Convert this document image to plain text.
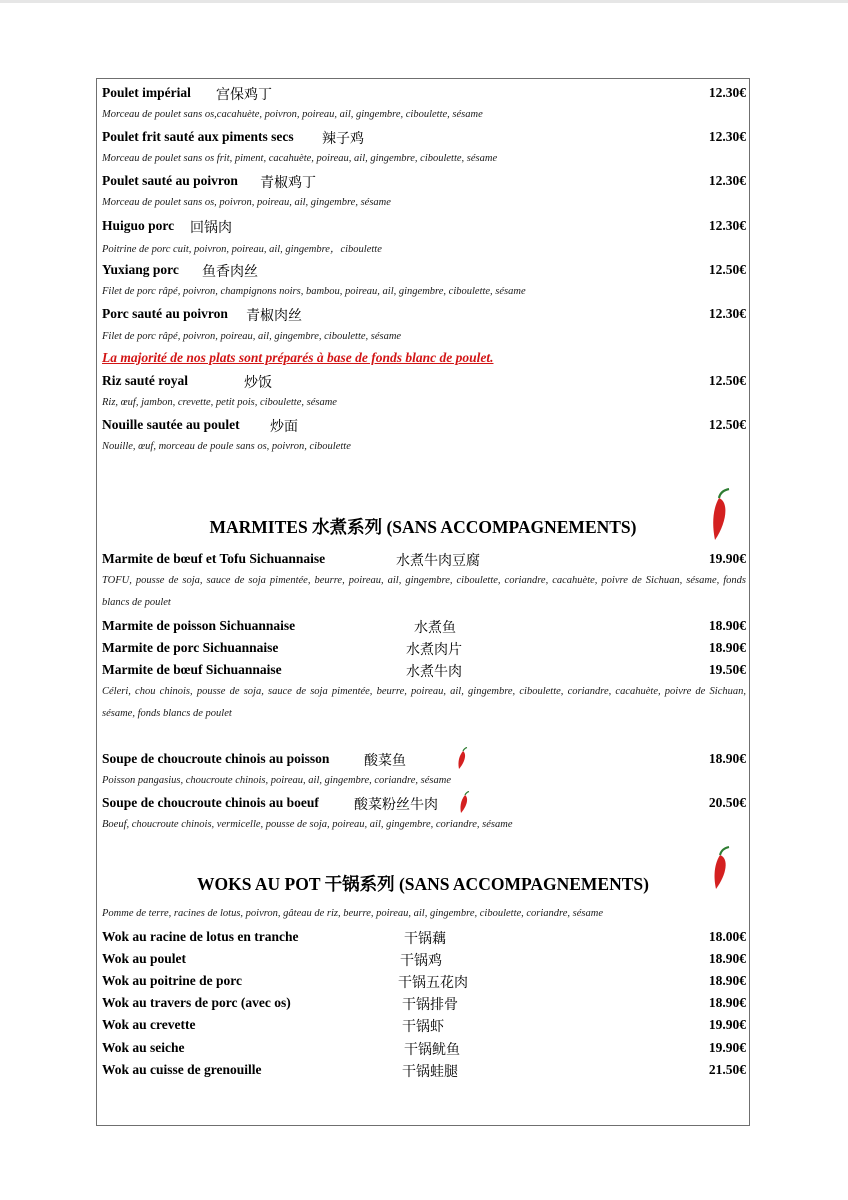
Poulet impérial 宫保鸡丁	12.30€
Morceau de poulet sans os,cacahuète, poivron, poireau, ail, gingembre, ciboulette, sésame
Poulet frit sauté aux piments secs 辣子鸡	12.30€
Morceau de poulet sans os frit, piment, cacahuète, poireau, ail, gingembre, ciboulette, sésame
Poulet sauté au poivron 青椒鸡丁	12.30€
Morceau de poulet sans os, poivron, poireau, ail, gingembre, sésame
Huiguo porc 回锅肉	12.30€
Poitrine de porc cuit, poivron, poireau, ail, gingembre，ciboulette
Yuxiang porc 鱼香肉丝	12.50€
Filet de porc râpé, poivron, champignons noirs, bambou, poireau, ail, gingembre, ciboulette, sésame
Porc sauté au poivron 青椒肉丝	12.30€
Filet de porc râpé, poivron, poireau, ail, gingembre, ciboulette, sésame
La majorité de nos plats sont préparés à base de fonds blanc de poulet.
Riz sauté royal	炒饭	12.50€
Riz, œuf, jambon, crevette, petit pois, ciboulette, sésame
Nouille sautée au poulet 炒面	12.50€
Nouille, œuf, morceau de poule sans os, poivron, ciboulette
MARMITES 水煮系列 (SANS ACCOMPAGNEMENTS)
Marmite de bœuf et Tofu Sichuannaise	水煮牛肉豆腐	19.90€
TOFU, pousse de soja, sauce de soja pimentée, beurre, poireau, ail, gingembre, ciboulette, coriandre, cacahuète, poivre de Sichuan, sésame, fonds blancs de poulet
Marmite de poisson Sichuannaise	水煮鱼	18.90€
Marmite de porc Sichuannaise	水煮肉片	18.90€
Marmite de bœuf Sichuannaise	水煮牛肉	19.50€
Céleri, chou chinois, pousse de soja, sauce de soja pimentée, beurre, poireau, ail, gingembre, ciboulette, coriandre, cacahuète, poivre de Sichuan, sésame, fonds blancs de poulet
Soupe de choucroute chinois au poisson 酸菜鱼	18.90€
Poisson pangasius, choucroute chinois, poireau, ail, gingembre, coriandre, sésame
Soupe de choucroute chinois au boeuf	酸菜粉丝牛肉	20.50€
Boeuf, choucroute chinois, vermicelle, pousse de soja, poireau, ail, gingembre, coriandre, sésame
WOKS AU POT 干锅系列 (SANS ACCOMPAGNEMENTS)
Pomme de terre, racines de lotus, poivron, gâteau de riz, beurre, poireau, ail, gingembre, ciboulette, coriandre, sésame
Wok au racine de lotus en tranche	干锅藕	18.00€
Wok au poulet	干锅鸡	18.90€
Wok au poitrine de porc	干锅五花肉	18.90€
Wok au travers de porc (avec os)	干锅排骨	18.90€
Wok au crevette	干锅虾	19.90€
Wok au seiche	干锅鱿鱼	19.90€
Wok au cuisse de grenouille	干锅蛙腿	21.50€
